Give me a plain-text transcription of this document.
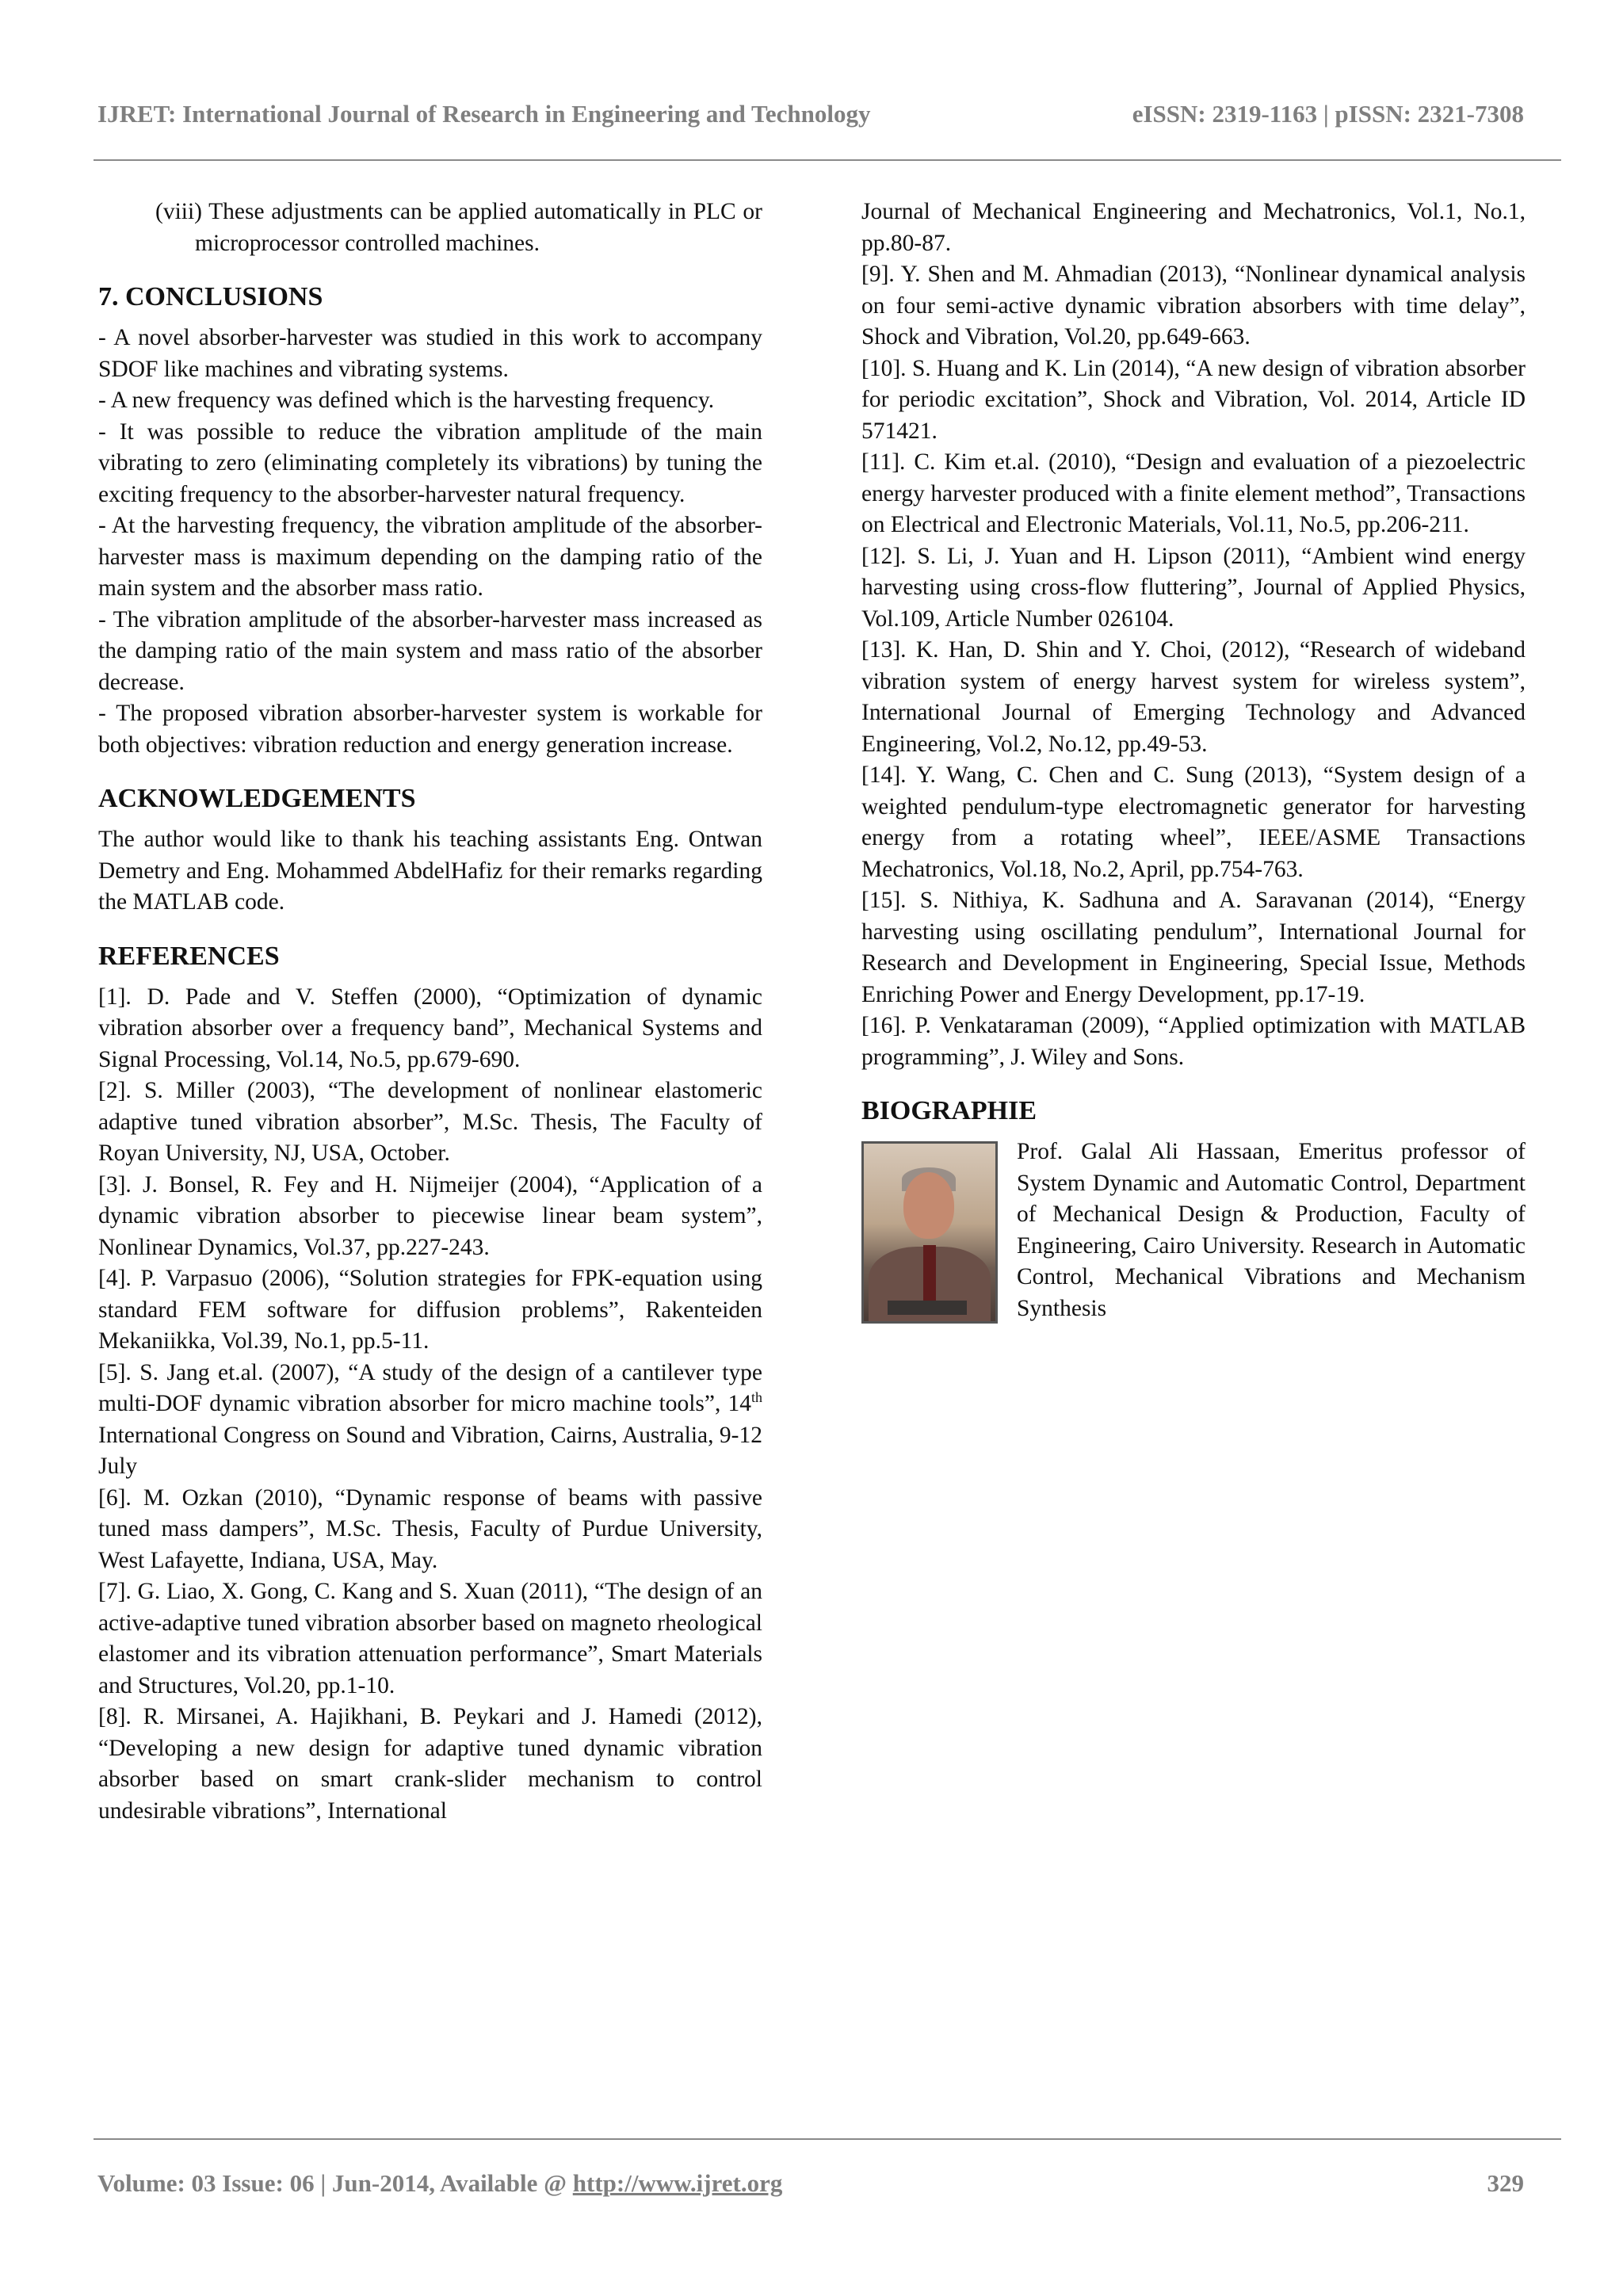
IJRET: International Journal of Research in Engineering and Technology	eISSN: 2319-1163 | pISSN: 2321-7308

(viii) These adjustments can be applied automatically in PLC or microprocessor controlled machines.

7. CONCLUSIONS

- A novel absorber-harvester was studied in this work to accompany SDOF like machines and vibrating systems.

- A new frequency was defined which is the harvesting frequency.

- It was possible to reduce the vibration amplitude of the main vibrating to zero (eliminating completely its vibrations) by tuning the exciting frequency to the absorber-harvester natural frequency.

- At the harvesting frequency, the vibration amplitude of the absorber-harvester mass is maximum depending on the damping ratio of the main system and the absorber mass ratio.

- The vibration amplitude of the absorber-harvester mass increased as the damping ratio of the main system and mass ratio of the absorber decrease.

- The proposed vibration absorber-harvester system is workable for both objectives: vibration reduction and energy generation increase.

ACKNOWLEDGEMENTS

The author would like to thank his teaching assistants Eng. Ontwan Demetry and Eng. Mohammed AbdelHafiz for their remarks regarding the MATLAB code.

REFERENCES

[1]. D. Pade and V. Steffen (2000), “Optimization of dynamic vibration absorber over a frequency band”, Mechanical Systems and Signal Processing, Vol.14, No.5, pp.679-690.

[2]. S. Miller (2003), “The development of nonlinear elastomeric adaptive tuned vibration absorber”, M.Sc. Thesis, The Faculty of Royan University, NJ, USA, October.

[3]. J. Bonsel, R. Fey and H. Nijmeijer (2004), “Application of a dynamic vibration absorber to piecewise linear beam system”, Nonlinear Dynamics, Vol.37, pp.227-243.

[4]. P. Varpasuo (2006), “Solution strategies for FPK-equation using standard FEM software for diffusion problems”, Rakenteiden Mekaniikka, Vol.39, No.1, pp.5-11.

[5]. S. Jang et.al. (2007), “A study of the design of a cantilever type multi-DOF dynamic vibration absorber for micro machine tools”, 14th International Congress on Sound and Vibration, Cairns, Australia, 9-12 July

[6]. M. Ozkan (2010), “Dynamic response of beams with passive tuned mass dampers”, M.Sc. Thesis, Faculty of Purdue University, West Lafayette, Indiana, USA, May.

[7]. G. Liao, X. Gong, C. Kang and S. Xuan (2011), “The design of an active-adaptive tuned vibration absorber based on magneto rheological elastomer and its vibration attenuation performance”, Smart Materials and Structures, Vol.20, pp.1-10.

[8]. R. Mirsanei, A. Hajikhani, B. Peykari and J. Hamedi (2012), “Developing a new design for adaptive tuned dynamic vibration absorber based on smart crank-slider mechanism to control undesirable vibrations”, International

Journal of Mechanical Engineering and Mechatronics, Vol.1, No.1, pp.80-87.

[9]. Y. Shen and M. Ahmadian (2013), “Nonlinear dynamical analysis on four semi-active dynamic vibration absorbers with time delay”, Shock and Vibration, Vol.20, pp.649-663.

[10]. S. Huang and K. Lin (2014), “A new design of vibration absorber for periodic excitation”, Shock and Vibration, Vol. 2014, Article ID 571421.

[11]. C. Kim et.al. (2010), “Design and evaluation of a piezoelectric energy harvester produced with a finite element method”, Transactions on Electrical and Electronic Materials, Vol.11, No.5, pp.206-211.

[12]. S. Li, J. Yuan and H. Lipson (2011), “Ambient wind energy harvesting using cross-flow fluttering”, Journal of Applied Physics, Vol.109, Article Number 026104.

[13]. K. Han, D. Shin and Y. Choi, (2012), “Research of wideband vibration system of energy harvest system for wireless system”, International Journal of Emerging Technology and Advanced Engineering, Vol.2, No.12, pp.49-53.

[14]. Y. Wang, C. Chen and C. Sung (2013), “System design of a weighted pendulum-type electromagnetic generator for harvesting energy from a rotating wheel”, IEEE/ASME Transactions Mechatronics, Vol.18, No.2, April, pp.754-763.

[15]. S. Nithiya, K. Sadhuna and A. Saravanan (2014), “Energy harvesting using oscillating pendulum”, International Journal for Research and Development in Engineering, Special Issue, Methods Enriching Power and Energy Development, pp.17-19.

[16]. P. Venkataraman (2009), “Applied optimization with MATLAB programming”, J. Wiley and Sons.

BIOGRAPHIE

Prof. Galal Ali Hassaan, Emeritus professor of System Dynamic and Automatic Control, Department of Mechanical Design & Production, Faculty of Engineering, Cairo University. Research in Automatic Control, Mechanical Vibrations and Mechanism Synthesis

Volume: 03 Issue: 06 | Jun-2014, Available @ http://www.ijret.org	329
